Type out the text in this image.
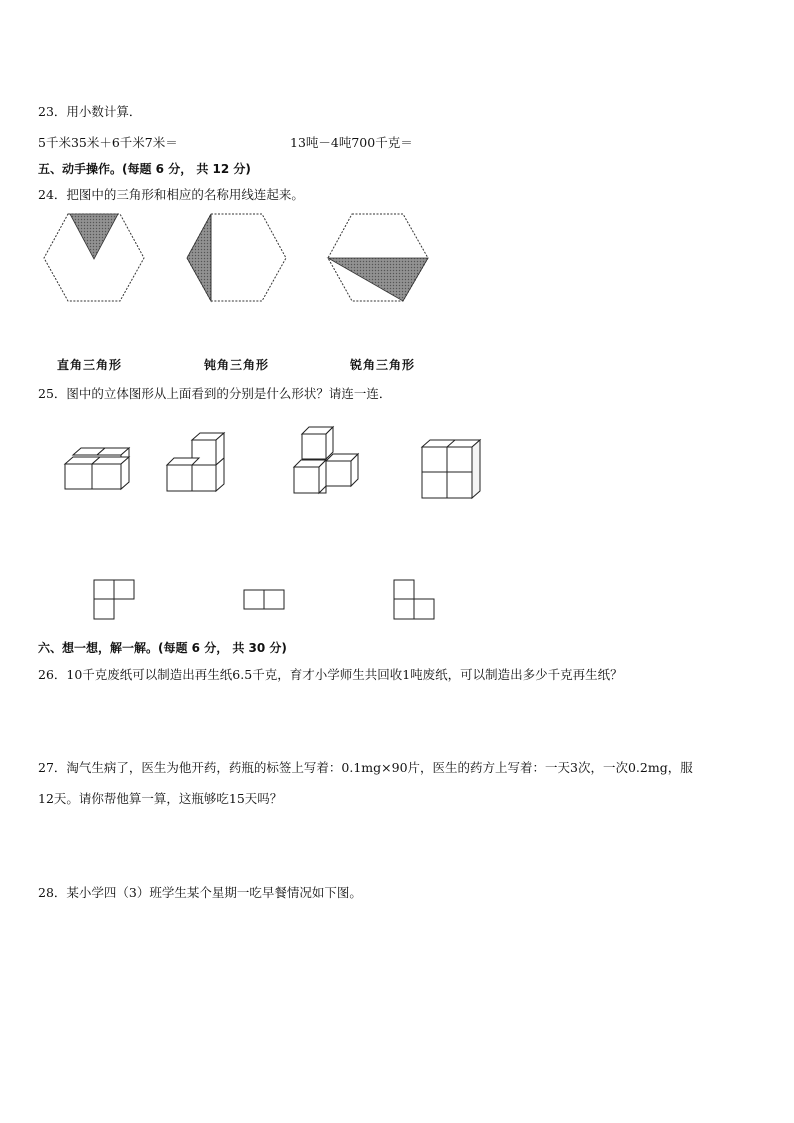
23．用小数计算．
5千米35米＋6千米7米＝	13吨－4吨700千克＝
五、动手操作。(每题 6 分， 共 12 分)
24．把图中的三角形和相应的名称用线连起来。
直角三角形	钝角三角形	锐角三角形
25．图中的立体图形从上面看到的分别是什么形状？请连一连．
六、想一想，解一解。(每题 6 分， 共 30 分)
26．10千克废纸可以制造出再生纸6.5千克，育才小学师生共回收1吨废纸，可以制造出多少千克再生纸？
27．淘气生病了，医生为他开药，药瓶的标签上写着：0.1mg×90片，医生的药方上写着：一天3次，一次0.2mg，服
12天。请你帮他算一算，这瓶够吃15天吗？
28．某小学四（3）班学生某个星期一吃早餐情况如下图。
